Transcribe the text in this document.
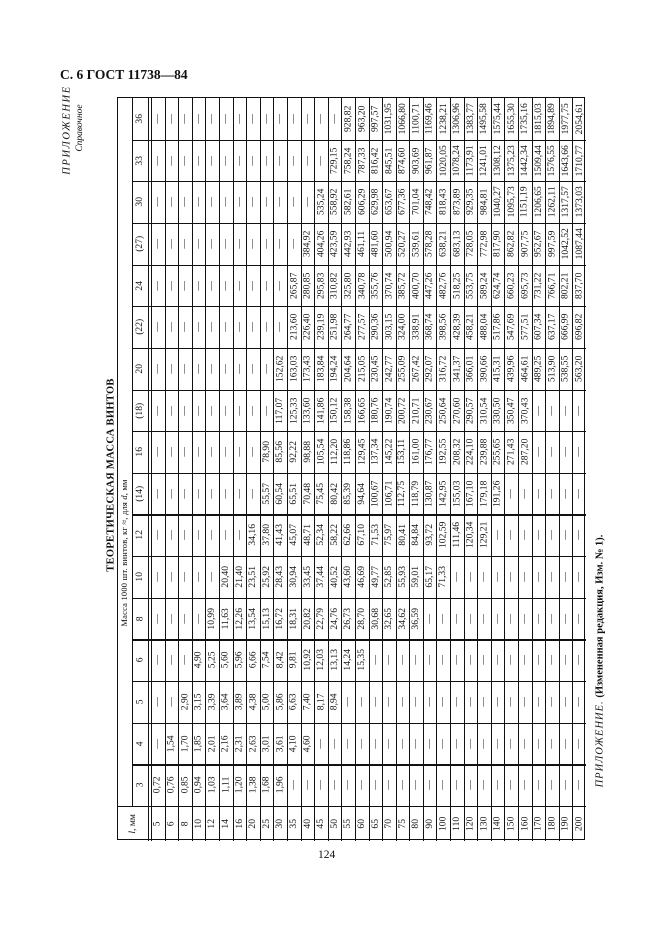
С. 6 ГОСТ 11738—84
ПРИЛОЖЕНИЕ Справочное
ТЕОРЕТИЧЕСКАЯ МАССА ВИНТОВ
36 — — — — — — — — — — — — — — 928,82 963,20 997,57 1031,95 1066,80 1100,71 1169,46 1238,21 1306,96 1383,77 1495,58 1575,44 1655,30 1735,16 1815,03 1894,89 1977,75 2054,61
33 — — — — — — — — — — — — — 729,15 758,24 787,33 816,42 845,51 874,60 903,69 961,87 1020,05 1078,24 1173,91 1241,01 1308,12 1375,23 1442,34 1509,44 1576,55 1643,66 1710,77
30 — — — — — — — — — — — — 535,24 558,92 582,61 606,29 629,98 653,67 677,36 701,04 748,42 818,43 873,89 929,35 984,81 1040,27 1095,73 1151,19 1206,65 1262,11 1317,57 1373,03
(27) — — — — — — — — — — — 384,92 404,26 423,59 442,93 461,11 481,60 500,94 520,27 539,61 578,28 638,21 683,13 728,05 772,98 817,90 862,82 907,75 952,67 997,59 1042,52 1087,44
24 — — — — — — — — — — 265,87 280,85 295,83 310,82 325,80 340,78 355,76 370,74 385,72 400,70 447,26 482,76 518,25 553,75 589,24 624,74 660,23 695,73 731,22 766,71 802,21 837,70
(22) — — — — — — — — — — 213,60 226,40 239,19 251,98 264,77 277,57 290,36 303,15 324,00 338,91 368,74 398,56 428,39 458,21 488,04 517,86 547,69 577,51 607,34 637,17 666,99 696,82
20 — — — — — — — — — 152,62 163,03 173,43 183,84 194,24 204,64 215,05 230,45 242,77 255,09 267,42 292,07 316,72 341,37 366,01 390,66 415,31 439,96 464,61 489,25 513,90 538,55 563,20
(18) — — — — — — — — — 117,07 125,33 133,60 141,86 150,12 158,38 166,65 180,76 190,74 200,72 210,71 230,67 250,64 270,60 290,57 310,54 330,50 350,47 370,43 — — — —
16 — — — — — — — — 78,90 85,56 92,22 98,88 105,54 112,20 118,86 129,45 137,34 145,22 153,11 161,00 176,77 192,55 208,32 224,10 239,88 255,65 271,43 287,20 — — — —
(14) — — — — — — — — 55,57 60,54 65,51 70,48 75,45 80,42 85,39 94,64 100,67 106,71 112,75 118,79 130,87 142,95 155,03 167,10 179,18 191,26 — — — — — —
12 — — — — — — — 34,16 37,80 41,43 45,07 48,71 52,34 58,22 62,66 67,10 71,53 75,97 80,41 84,84 93,72 102,59 111,46 120,34 129,21 — — — — — — —
10 — — — — — 20,40 21,40 23,51 25,92 28,43 30,94 33,45 37,44 40,52 43,60 46,69 49,77 52,85 55,93 59,01 65,17 71,33 — — — — — — — — — —
8 — — — — 10,99 11,63 12,26 13,54 15,13 16,72 18,31 20,82 22,79 24,76 26,73 28,70 30,68 32,65 34,62 36,59 — — — — — — — — — — — —
6 — — — 4,90 5,25 5,60 5,96 6,66 7,54 8,42 9,81 10,92 12,03 13,13 14,24 15,35 — — — — — — — — — — — — — — — —
5 — — 2,90 3,15 3,39 3,64 3,89 4,38 5,00 5,86 6,63 7,40 8,17 8,94 — — — — — — — — — — — — — — — — — —
4 — 1,54 1,70 1,85 2,01 2,16 2,31 2,63 3,01 3,61 4,10 4,60 — — — — — — — — — — — — — — — — — — — —
3 0,72 0,76 0,85 0,94 1,03 1,11 1,20 1,38 1,68 1,96 — — — — — — — — — — — — — — — — — — — — — —
5 6 8 10 12 14 16 20 25 30 35 40 45 50 55 60 65 70 75 80 90 100 110 120 130 140 150 160 170 180 190 200
l, мм
Масса 1000 шт. винтов, кг ≈, для d, мм
ПРИЛОЖЕНИЕ. (Измененная редакция, Изм. № 1).
124
